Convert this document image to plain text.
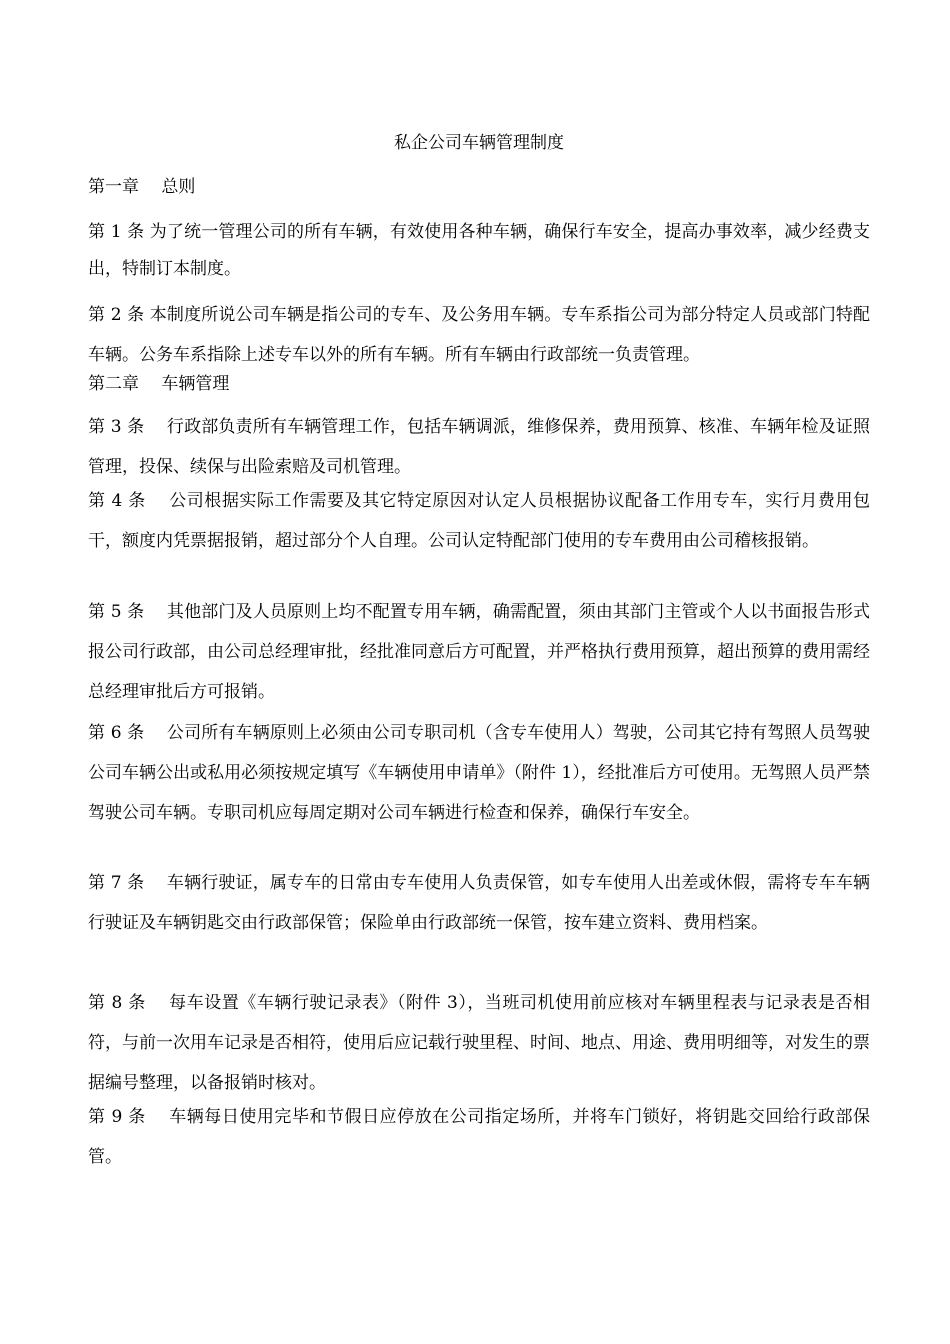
私企公司车辆管理制度
第一章　 总则
第 1 条 为了统一管理公司的所有车辆，有效使用各种车辆，确保行车安全，提高办事效率，减少经费支出，特制订本制度。
第 2 条 本制度所说公司车辆是指公司的专车、及公务用车辆。专车系指公司为部分特定人员或部门特配车辆。公务车系指除上述专车以外的所有车辆。所有车辆由行政部统一负责管理。
第二章　 车辆管理
第 3 条　 行政部负责所有车辆管理工作，包括车辆调派，维修保养，费用预算、核准、车辆年检及证照管理，投保、续保与出险索赔及司机管理。
第 4 条　 公司根据实际工作需要及其它特定原因对认定人员根据协议配备工作用专车，实行月费用包干，额度内凭票据报销，超过部分个人自理。公司认定特配部门使用的专车费用由公司稽核报销。
第 5 条　 其他部门及人员原则上均不配置专用车辆，确需配置，须由其部门主管或个人以书面报告形式报公司行政部，由公司总经理审批，经批准同意后方可配置，并严格执行费用预算，超出预算的费用需经总经理审批后方可报销。
第 6 条　 公司所有车辆原则上必须由公司专职司机（含专车使用人）驾驶，公司其它持有驾照人员驾驶公司车辆公出或私用必须按规定填写《车辆使用申请单》（附件 1），经批准后方可使用。无驾照人员严禁驾驶公司车辆。专职司机应每周定期对公司车辆进行检查和保养，确保行车安全。
第 7 条　 车辆行驶证，属专车的日常由专车使用人负责保管，如专车使用人出差或休假，需将专车车辆行驶证及车辆钥匙交由行政部保管；保险单由行政部统一保管，按车建立资料、费用档案。
第 8 条　 每车设置《车辆行驶记录表》（附件 3），当班司机使用前应核对车辆里程表与记录表是否相符，与前一次用车记录是否相符，使用后应记载行驶里程、时间、地点、用途、费用明细等，对发生的票据编号整理，以备报销时核对。
第 9 条　 车辆每日使用完毕和节假日应停放在公司指定场所，并将车门锁好，将钥匙交回给行政部保管。
